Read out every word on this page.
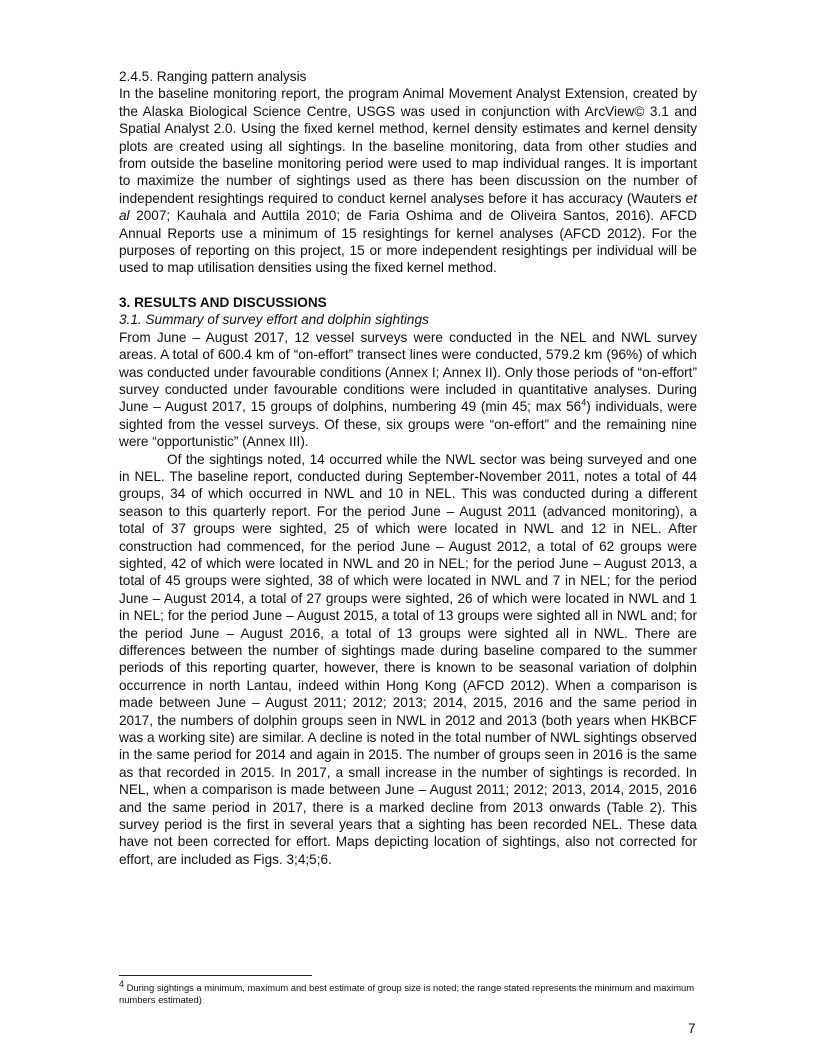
2.4.5. Ranging pattern analysis

In the baseline monitoring report, the program Animal Movement Analyst Extension, created by the Alaska Biological Science Centre, USGS was used in conjunction with ArcView© 3.1 and Spatial Analyst 2.0. Using the fixed kernel method, kernel density estimates and kernel density plots are created using all sightings. In the baseline monitoring, data from other studies and from outside the baseline monitoring period were used to map individual ranges. It is important to maximize the number of sightings used as there has been discussion on the number of independent resightings required to conduct kernel analyses before it has accuracy (Wauters et al 2007; Kauhala and Auttila 2010; de Faria Oshima and de Oliveira Santos, 2016). AFCD Annual Reports use a minimum of 15 resightings for kernel analyses (AFCD 2012). For the purposes of reporting on this project, 15 or more independent resightings per individual will be used to map utilisation densities using the fixed kernel method.

3. RESULTS AND DISCUSSIONS
3.1. Summary of survey effort and dolphin sightings

From June – August 2017, 12 vessel surveys were conducted in the NEL and NWL survey areas. A total of 600.4 km of “on-effort” transect lines were conducted, 579.2 km (96%) of which was conducted under favourable conditions (Annex I; Annex II). Only those periods of “on-effort” survey conducted under favourable conditions were included in quantitative analyses. During June – August 2017, 15 groups of dolphins, numbering 49 (min 45; $\max 56^4$) individuals, were sighted from the vessel surveys. Of these, six groups were “on-effort” and the remaining nine were “opportunistic” (Annex III).

Of the sightings noted, 14 occurred while the NWL sector was being surveyed and one in NEL. The baseline report, conducted during September-November 2011, notes a total of 44 groups, 34 of which occurred in NWL and 10 in NEL. This was conducted during a different season to this quarterly report. For the period June – August 2011 (advanced monitoring), a total of 37 groups were sighted, 25 of which were located in NWL and 12 in NEL. After construction had commenced, for the period June – August 2012, a total of 62 groups were sighted, 42 of which were located in NWL and 20 in NEL; for the period June – August 2013, a total of 45 groups were sighted, 38 of which were located in NWL and 7 in NEL; for the period June – August 2014, a total of 27 groups were sighted, 26 of which were located in NWL and 1 in NEL; for the period June – August 2015, a total of 13 groups were sighted all in NWL and; for the period June – August 2016, a total of 13 groups were sighted all in NWL. There are differences between the number of sightings made during baseline compared to the summer periods of this reporting quarter, however, there is known to be seasonal variation of dolphin occurrence in north Lantau, indeed within Hong Kong (AFCD 2012). When a comparison is made between June – August 2011; 2012; 2013; 2014, 2015, 2016 and the same period in 2017, the numbers of dolphin groups seen in NWL in 2012 and 2013 (both years when HKBCF was a working site) are similar. A decline is noted in the total number of NWL sightings observed in the same period for 2014 and again in 2015. The number of groups seen in 2016 is the same as that recorded in 2015. In 2017, a small increase in the number of sightings is recorded. In NEL, when a comparison is made between June – August 2011; 2012; 2013, 2014, 2015, 2016 and the same period in 2017, there is a marked decline from 2013 onwards (Table 2). This survey period is the first in several years that a sighting has been recorded NEL. These data have not been corrected for effort. Maps depicting location of sightings, also not corrected for effort, are included as Figs. 3;4;5;6.

$^4$ During sightings a minimum, maximum and best estimate of group size is noted; the range stated represents the minimum and maximum numbers estimated)
7
